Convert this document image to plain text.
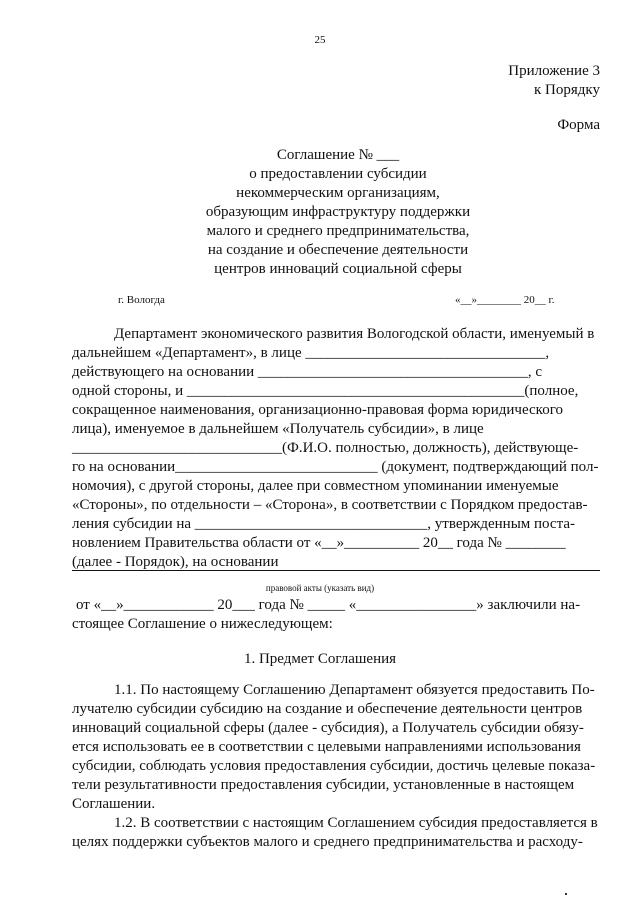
25
Приложение 3
к Порядку
Форма
Соглашение № ___
о предоставлении субсидии
некоммерческим организациям,
образующим инфраструктуру поддержки
малого и среднего предпринимательства,
на создание и обеспечение деятельности
центров инноваций социальной сферы
г. Вологда	«__»________ 20__ г.
Департамент экономического развития Вологодской области, именуемый в
дальнейшем «Департамент», в лице ________________________________,
действующего на основании ____________________________________, с
одной стороны, и _____________________________________________(полное,
сокращенное наименования, организационно-правовая форма юридического
лица), именуемое в дальнейшем «Получатель субсидии», в лице
____________________________(Ф.И.О. полностью, должность), действующе-
го на основании___________________________ (документ, подтверждающий пол-
номочия), с другой стороны, далее при совместном упоминании именуемые
«Стороны», по отдельности – «Сторона», в соответствии с Порядком предостав-
ления субсидии на _______________________________, утвержденным поста-
новлением Правительства области от «__»__________ 20__ года № ________
(далее - Порядок), на основании
правовой акты (указать вид)
от «__»____________ 20___ года № _____ «________________» заключили на-
стоящее Соглашение о нижеследующем:
1. Предмет Соглашения
1.1. По настоящему Соглашению Департамент обязуется предоставить По-
лучателю субсидии субсидию на создание и обеспечение деятельности центров
инноваций социальной сферы (далее - субсидия), а Получатель субсидии обязу-
ется использовать ее в соответствии с целевыми направлениями использования
субсидии, соблюдать условия предоставления субсидии, достичь целевые показа-
тели результативности предоставления субсидии, установленные в настоящем
Соглашении.
1.2. В соответствии с настоящим Соглашением субсидия предоставляется в
целях поддержки субъектов малого и среднего предпринимательства и расходу-
